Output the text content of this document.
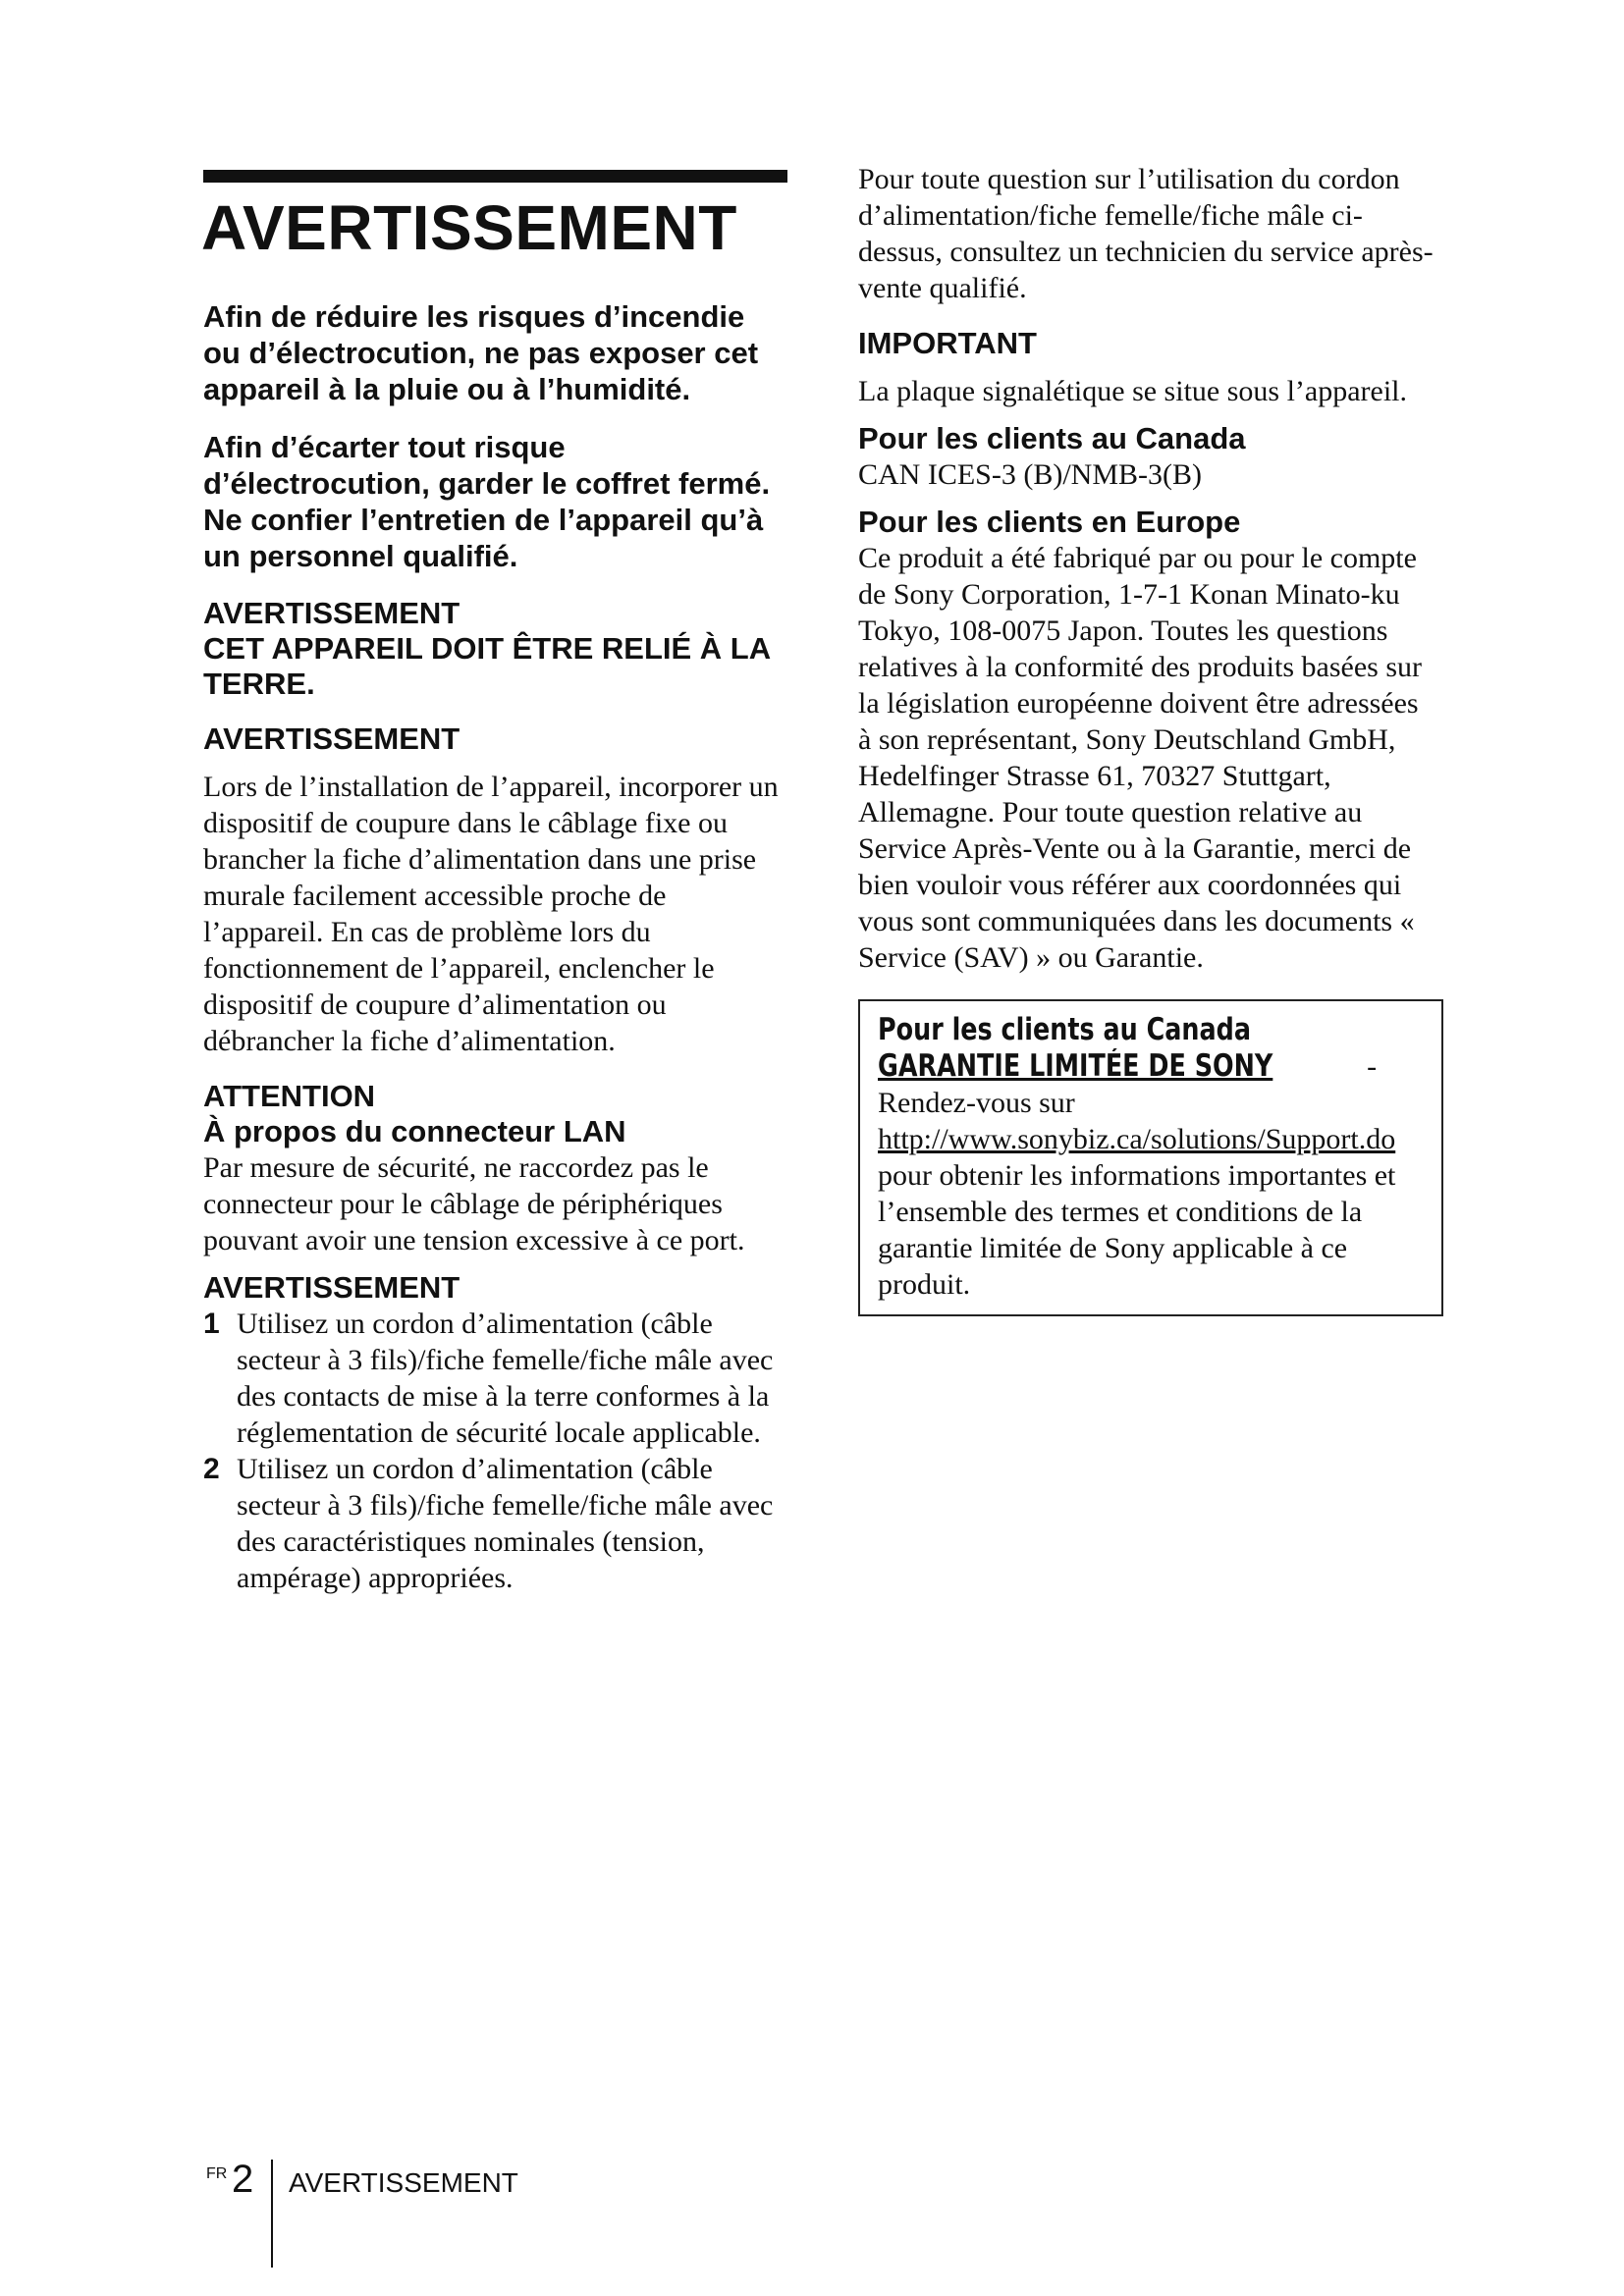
AVERTISSEMENT

Afin de réduire les risques d’incendie ou d’électrocution, ne pas exposer cet appareil à la pluie ou à l’humidité.

Afin d’écarter tout risque d’électrocution, garder le coffret fermé. Ne confier l’entretien de l’appareil qu’à un personnel qualifié.

AVERTISSEMENT

CET APPAREIL DOIT ÊTRE RELIÉ À LA TERRE.

AVERTISSEMENT

Lors de l’installation de l’appareil, incorporer un dispositif de coupure dans le câblage fixe ou brancher la fiche d’alimentation dans une prise murale facilement accessible proche de l’appareil. En cas de problème lors du fonctionnement de l’appareil, enclencher le dispositif de coupure d’alimentation ou débrancher la fiche d’alimentation.

ATTENTION

À propos du connecteur LAN

Par mesure de sécurité, ne raccordez pas le connecteur pour le câblage de périphériques pouvant avoir une tension excessive à ce port.

AVERTISSEMENT

1 Utilisez un cordon d’alimentation (câble secteur à 3 fils)/fiche femelle/fiche mâle avec des contacts de mise à la terre conformes à la réglementation de sécurité locale applicable.
2 Utilisez un cordon d’alimentation (câble secteur à 3 fils)/fiche femelle/fiche mâle avec des caractéristiques nominales (tension, ampérage) appropriées.

Pour toute question sur l’utilisation du cordon d’alimentation/fiche femelle/fiche mâle ci-dessus, consultez un technicien du service après-vente qualifié.

IMPORTANT

La plaque signalétique se situe sous l’appareil.

Pour les clients au Canada

CAN ICES-3 (B)/NMB-3(B)

Pour les clients en Europe

Ce produit a été fabriqué par ou pour le compte de Sony Corporation, 1-7-1 Konan Minato-ku Tokyo, 108-0075 Japon. Toutes les questions relatives à la conformité des produits basées sur la législation européenne doivent être adressées à son représentant, Sony Deutschland GmbH, Hedelfinger Strasse 61, 70327 Stuttgart, Allemagne. Pour toute question relative au Service Après-Vente ou à la Garantie, merci de bien vouloir vous référer aux coordonnées qui vous sont communiquées dans les documents « Service (SAV) » ou Garantie.

Pour les clients au Canada

GARANTIE LIMITÉE DE SONY	- Rendez-vous sur http://www.sonybiz.ca/solutions/Support.do pour obtenir les informations importantes et l’ensemble des termes et conditions de la garantie limitée de Sony applicable à ce produit.

FR 2 AVERTISSEMENT
